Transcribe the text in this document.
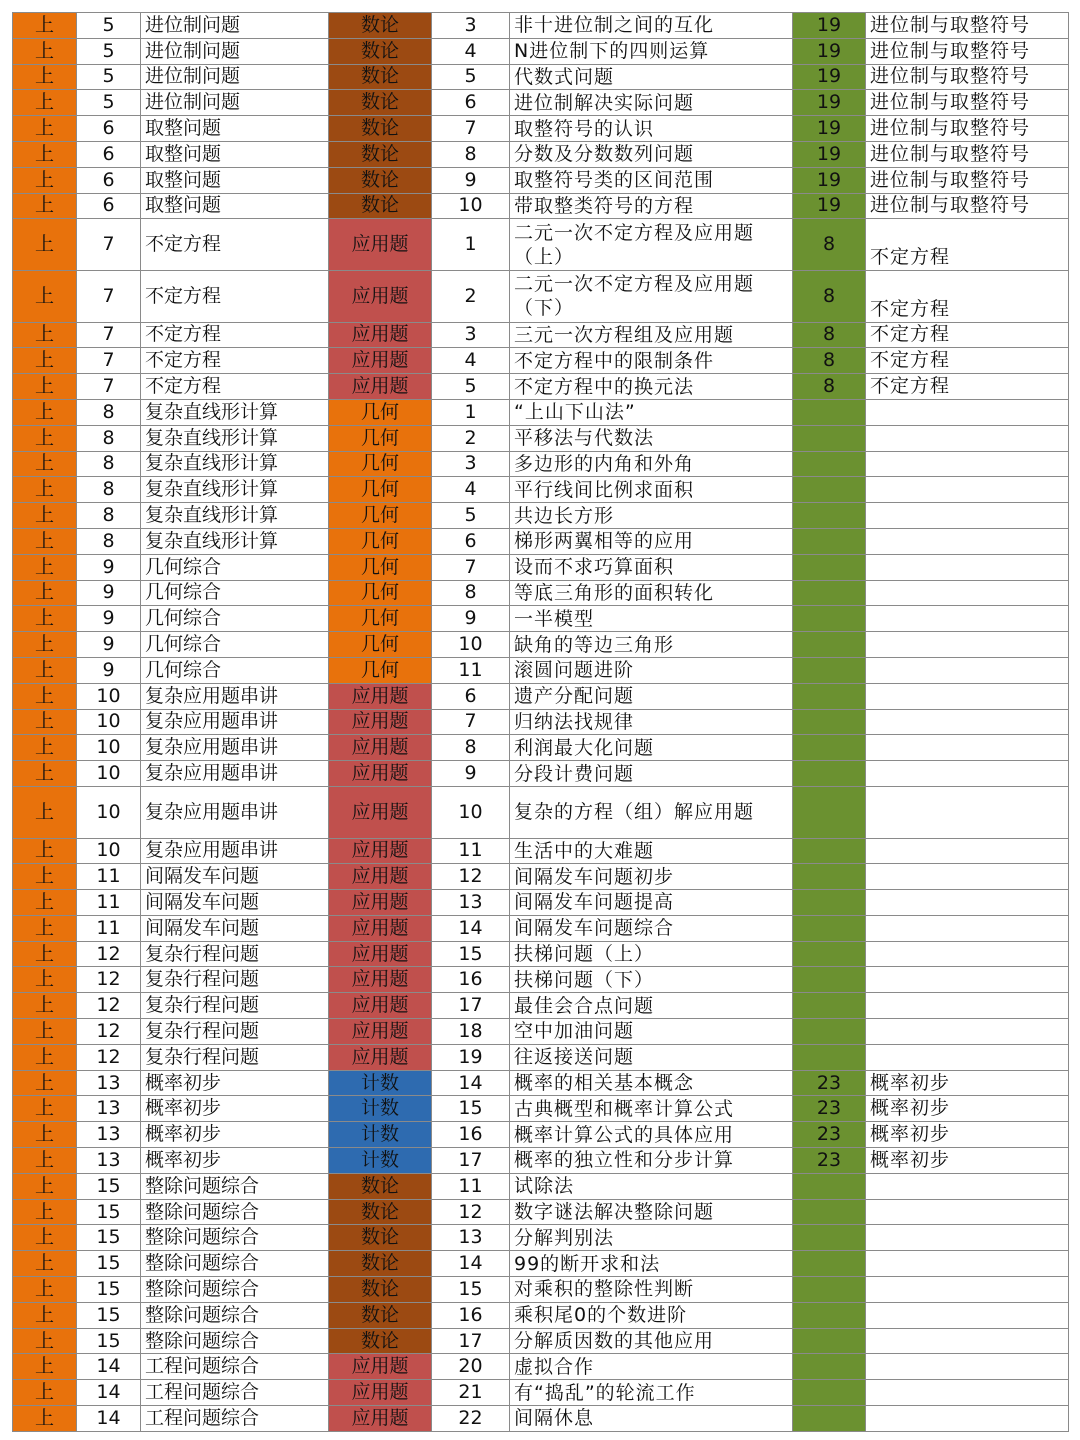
上	5	进位制问题	数论	3	非十进位制之间的互化	19	进位制与取整符号
上	5	进位制问题	数论	4	N进位制下的四则运算	19	进位制与取整符号
上	5	进位制问题	数论	5	代数式问题	19	进位制与取整符号
上	5	进位制问题	数论	6	进位制解决实际问题	19	进位制与取整符号
上	6	取整问题	数论	7	取整符号的认识	19	进位制与取整符号
上	6	取整问题	数论	8	分数及分数数列问题	19	进位制与取整符号
上	6	取整问题	数论	9	取整符号类的区间范围	19	进位制与取整符号
上	6	取整问题	数论	10	带取整类符号的方程	19	进位制与取整符号
上	7	不定方程	应用题	1	二元一次不定方程及应用题（上）	8	不定方程
上	7	不定方程	应用题	2	二元一次不定方程及应用题（下）	8	不定方程
上	7	不定方程	应用题	3	三元一次方程组及应用题	8	不定方程
上	7	不定方程	应用题	4	不定方程中的限制条件	8	不定方程
上	7	不定方程	应用题	5	不定方程中的换元法	8	不定方程
上	8	复杂直线形计算	几何	1	“上山下山法”		
上	8	复杂直线形计算	几何	2	平移法与代数法		
上	8	复杂直线形计算	几何	3	多边形的内角和外角		
上	8	复杂直线形计算	几何	4	平行线间比例求面积		
上	8	复杂直线形计算	几何	5	共边长方形		
上	8	复杂直线形计算	几何	6	梯形两翼相等的应用		
上	9	几何综合	几何	7	设而不求巧算面积		
上	9	几何综合	几何	8	等底三角形的面积转化		
上	9	几何综合	几何	9	一半模型		
上	9	几何综合	几何	10	缺角的等边三角形		
上	9	几何综合	几何	11	滚圆问题进阶		
上	10	复杂应用题串讲	应用题	6	遗产分配问题		
上	10	复杂应用题串讲	应用题	7	归纳法找规律		
上	10	复杂应用题串讲	应用题	8	利润最大化问题		
上	10	复杂应用题串讲	应用题	9	分段计费问题		
上	10	复杂应用题串讲	应用题	10	复杂的方程（组）解应用题		
上	10	复杂应用题串讲	应用题	11	生活中的大难题		
上	11	间隔发车问题	应用题	12	间隔发车问题初步		
上	11	间隔发车问题	应用题	13	间隔发车问题提高		
上	11	间隔发车问题	应用题	14	间隔发车问题综合		
上	12	复杂行程问题	应用题	15	扶梯问题（上）		
上	12	复杂行程问题	应用题	16	扶梯问题（下）		
上	12	复杂行程问题	应用题	17	最佳会合点问题		
上	12	复杂行程问题	应用题	18	空中加油问题		
上	12	复杂行程问题	应用题	19	往返接送问题		
上	13	概率初步	计数	14	概率的相关基本概念	23	概率初步
上	13	概率初步	计数	15	古典概型和概率计算公式	23	概率初步
上	13	概率初步	计数	16	概率计算公式的具体应用	23	概率初步
上	13	概率初步	计数	17	概率的独立性和分步计算	23	概率初步
上	15	整除问题综合	数论	11	试除法		
上	15	整除问题综合	数论	12	数字谜法解决整除问题		
上	15	整除问题综合	数论	13	分解判别法		
上	15	整除问题综合	数论	14	99的断开求和法		
上	15	整除问题综合	数论	15	对乘积的整除性判断		
上	15	整除问题综合	数论	16	乘积尾0的个数进阶		
上	15	整除问题综合	数论	17	分解质因数的其他应用		
上	14	工程问题综合	应用题	20	虚拟合作		
上	14	工程问题综合	应用题	21	有“捣乱”的轮流工作		
上	14	工程问题综合	应用题	22	间隔休息		
